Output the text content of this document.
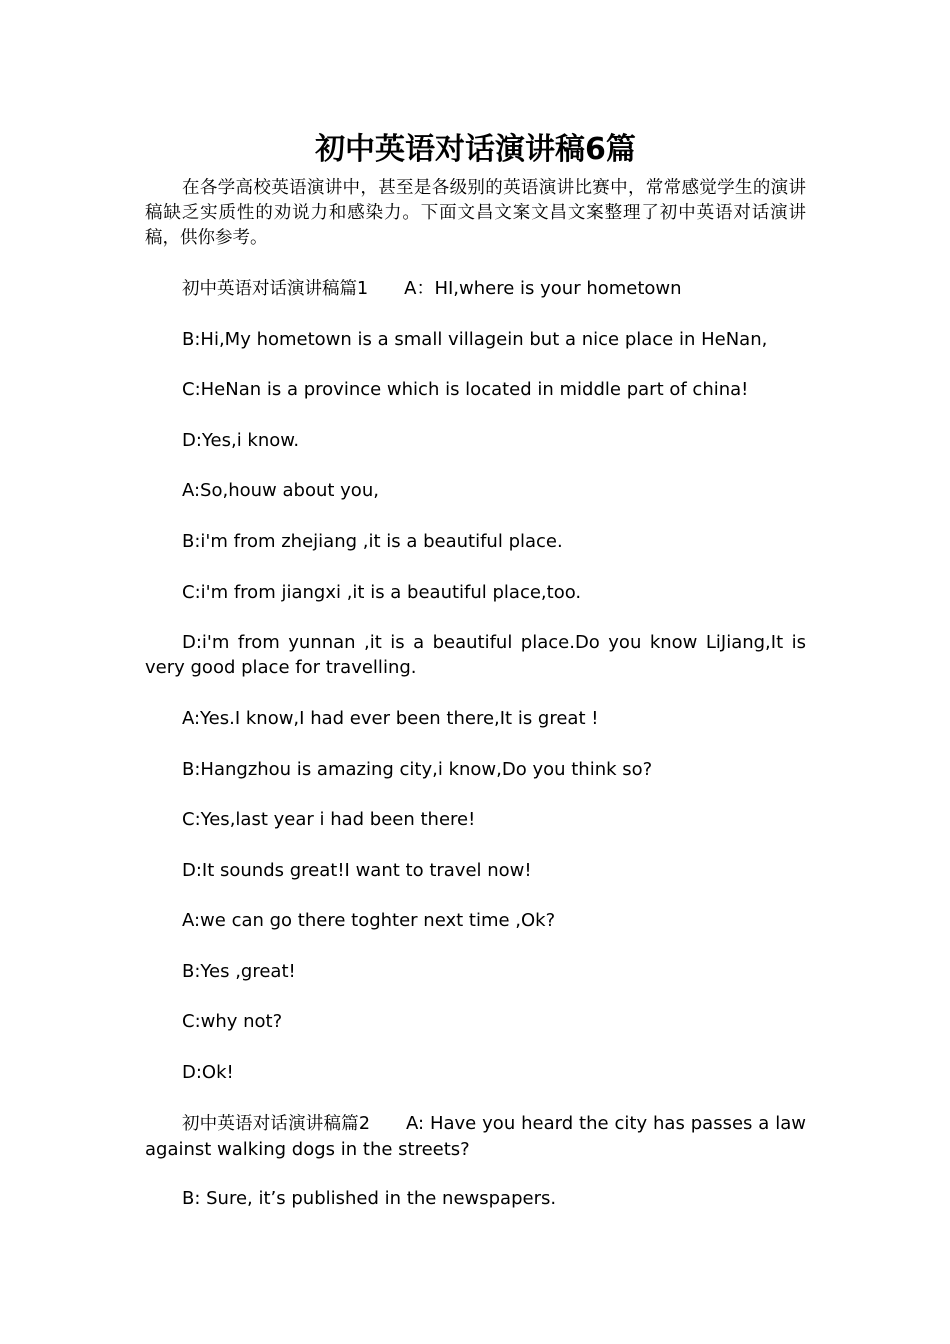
初中英语对话演讲稿6篇

在各学高校英语演讲中，甚至是各级别的英语演讲比赛中，常常感觉学生的演讲稿缺乏实质性的劝说力和感染力。下面文昌文案文昌文案整理了初中英语对话演讲稿，供你参考。

初中英语对话演讲稿篇1 A：HI,where is your hometown

B:Hi,My hometown is a small villagein but a nice place in HeNan,

C:HeNan is a province which is located in middle part of china!

D:Yes,i know.

A:So,houw about you,

B:i'm from zhejiang ,it is a beautiful place.

C:i'm from jiangxi ,it is a beautiful place,too.

D:i'm from yunnan ,it is a beautiful place.Do you know LiJiang,It is very good place for travelling.

A:Yes.I know,I had ever been there,It is great !

B:Hangzhou is amazing city,i know,Do you think so?

C:Yes,last year i had been there!

D:It sounds great!I want to travel now!

A:we can go there toghter next time ,Ok?

B:Yes ,great!

C:why not?

D:Ok!

初中英语对话演讲稿篇2 A: Have you heard the city has passes a law against walking dogs in the streets?

B: Sure, it’s published in the newspapers.
